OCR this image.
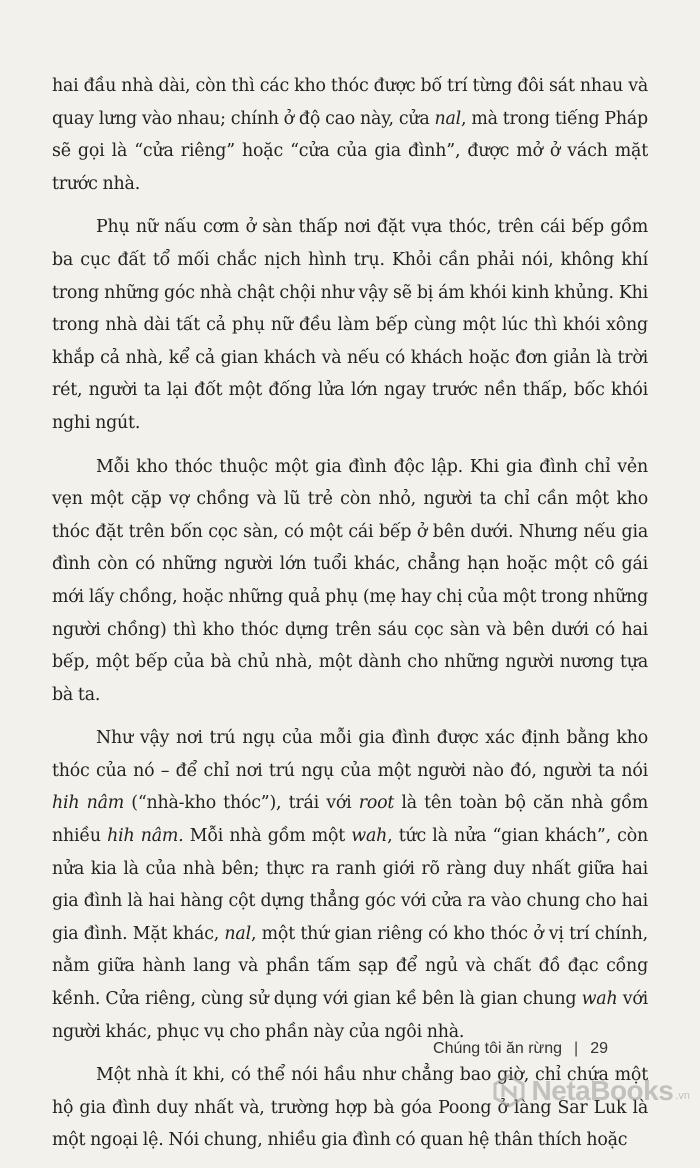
hai đầu nhà dài, còn thì các kho thóc được bố trí từng đôi sát nhau và quay lưng vào nhau; chính ở độ cao này, cửa nal, mà trong tiếng Pháp sẽ gọi là “cửa riêng” hoặc “cửa của gia đình”, được mở ở vách mặt trước nhà.

Phụ nữ nấu cơm ở sàn thấp nơi đặt vựa thóc, trên cái bếp gồm ba cục đất tổ mối chắc nịch hình trụ. Khỏi cần phải nói, không khí trong những góc nhà chật chội như vậy sẽ bị ám khói kinh khủng. Khi trong nhà dài tất cả phụ nữ đều làm bếp cùng một lúc thì khói xông khắp cả nhà, kể cả gian khách và nếu có khách hoặc đơn giản là trời rét, người ta lại đốt một đống lửa lớn ngay trước nền thấp, bốc khói nghi ngút.

Mỗi kho thóc thuộc một gia đình độc lập. Khi gia đình chỉ vẻn vẹn một cặp vợ chồng và lũ trẻ còn nhỏ, người ta chỉ cần một kho thóc đặt trên bốn cọc sàn, có một cái bếp ở bên dưới. Nhưng nếu gia đình còn có những người lớn tuổi khác, chẳng hạn hoặc một cô gái mới lấy chồng, hoặc những quả phụ (mẹ hay chị của một trong những người chồng) thì kho thóc dựng trên sáu cọc sàn và bên dưới có hai bếp, một bếp của bà chủ nhà, một dành cho những người nương tựa bà ta.

Như vậy nơi trú ngụ của mỗi gia đình được xác định bằng kho thóc của nó – để chỉ nơi trú ngụ của một người nào đó, người ta nói hih nâm (“nhà-kho thóc”), trái với root là tên toàn bộ căn nhà gồm nhiều hih nâm. Mỗi nhà gồm một wah, tức là nửa “gian khách”, còn nửa kia là của nhà bên; thực ra ranh giới rõ ràng duy nhất giữa hai gia đình là hai hàng cột dựng thẳng góc với cửa ra vào chung cho hai gia đình. Mặt khác, nal, một thứ gian riêng có kho thóc ở vị trí chính, nằm giữa hành lang và phần tấm sạp để ngủ và chất đồ đạc cồng kềnh. Cửa riêng, cùng sử dụng với gian kề bên là gian chung wah với người khác, phục vụ cho phần này của ngôi nhà.

Một nhà ít khi, có thể nói hầu như chẳng bao giờ, chỉ chứa một hộ gia đình duy nhất và, trường hợp bà góa Poong ở làng Sar Luk là một ngoại lệ. Nói chung, nhiều gia đình có quan hệ thân thích hoặc

Chúng tôi ăn rừng | 29
NetaBooks .vn
